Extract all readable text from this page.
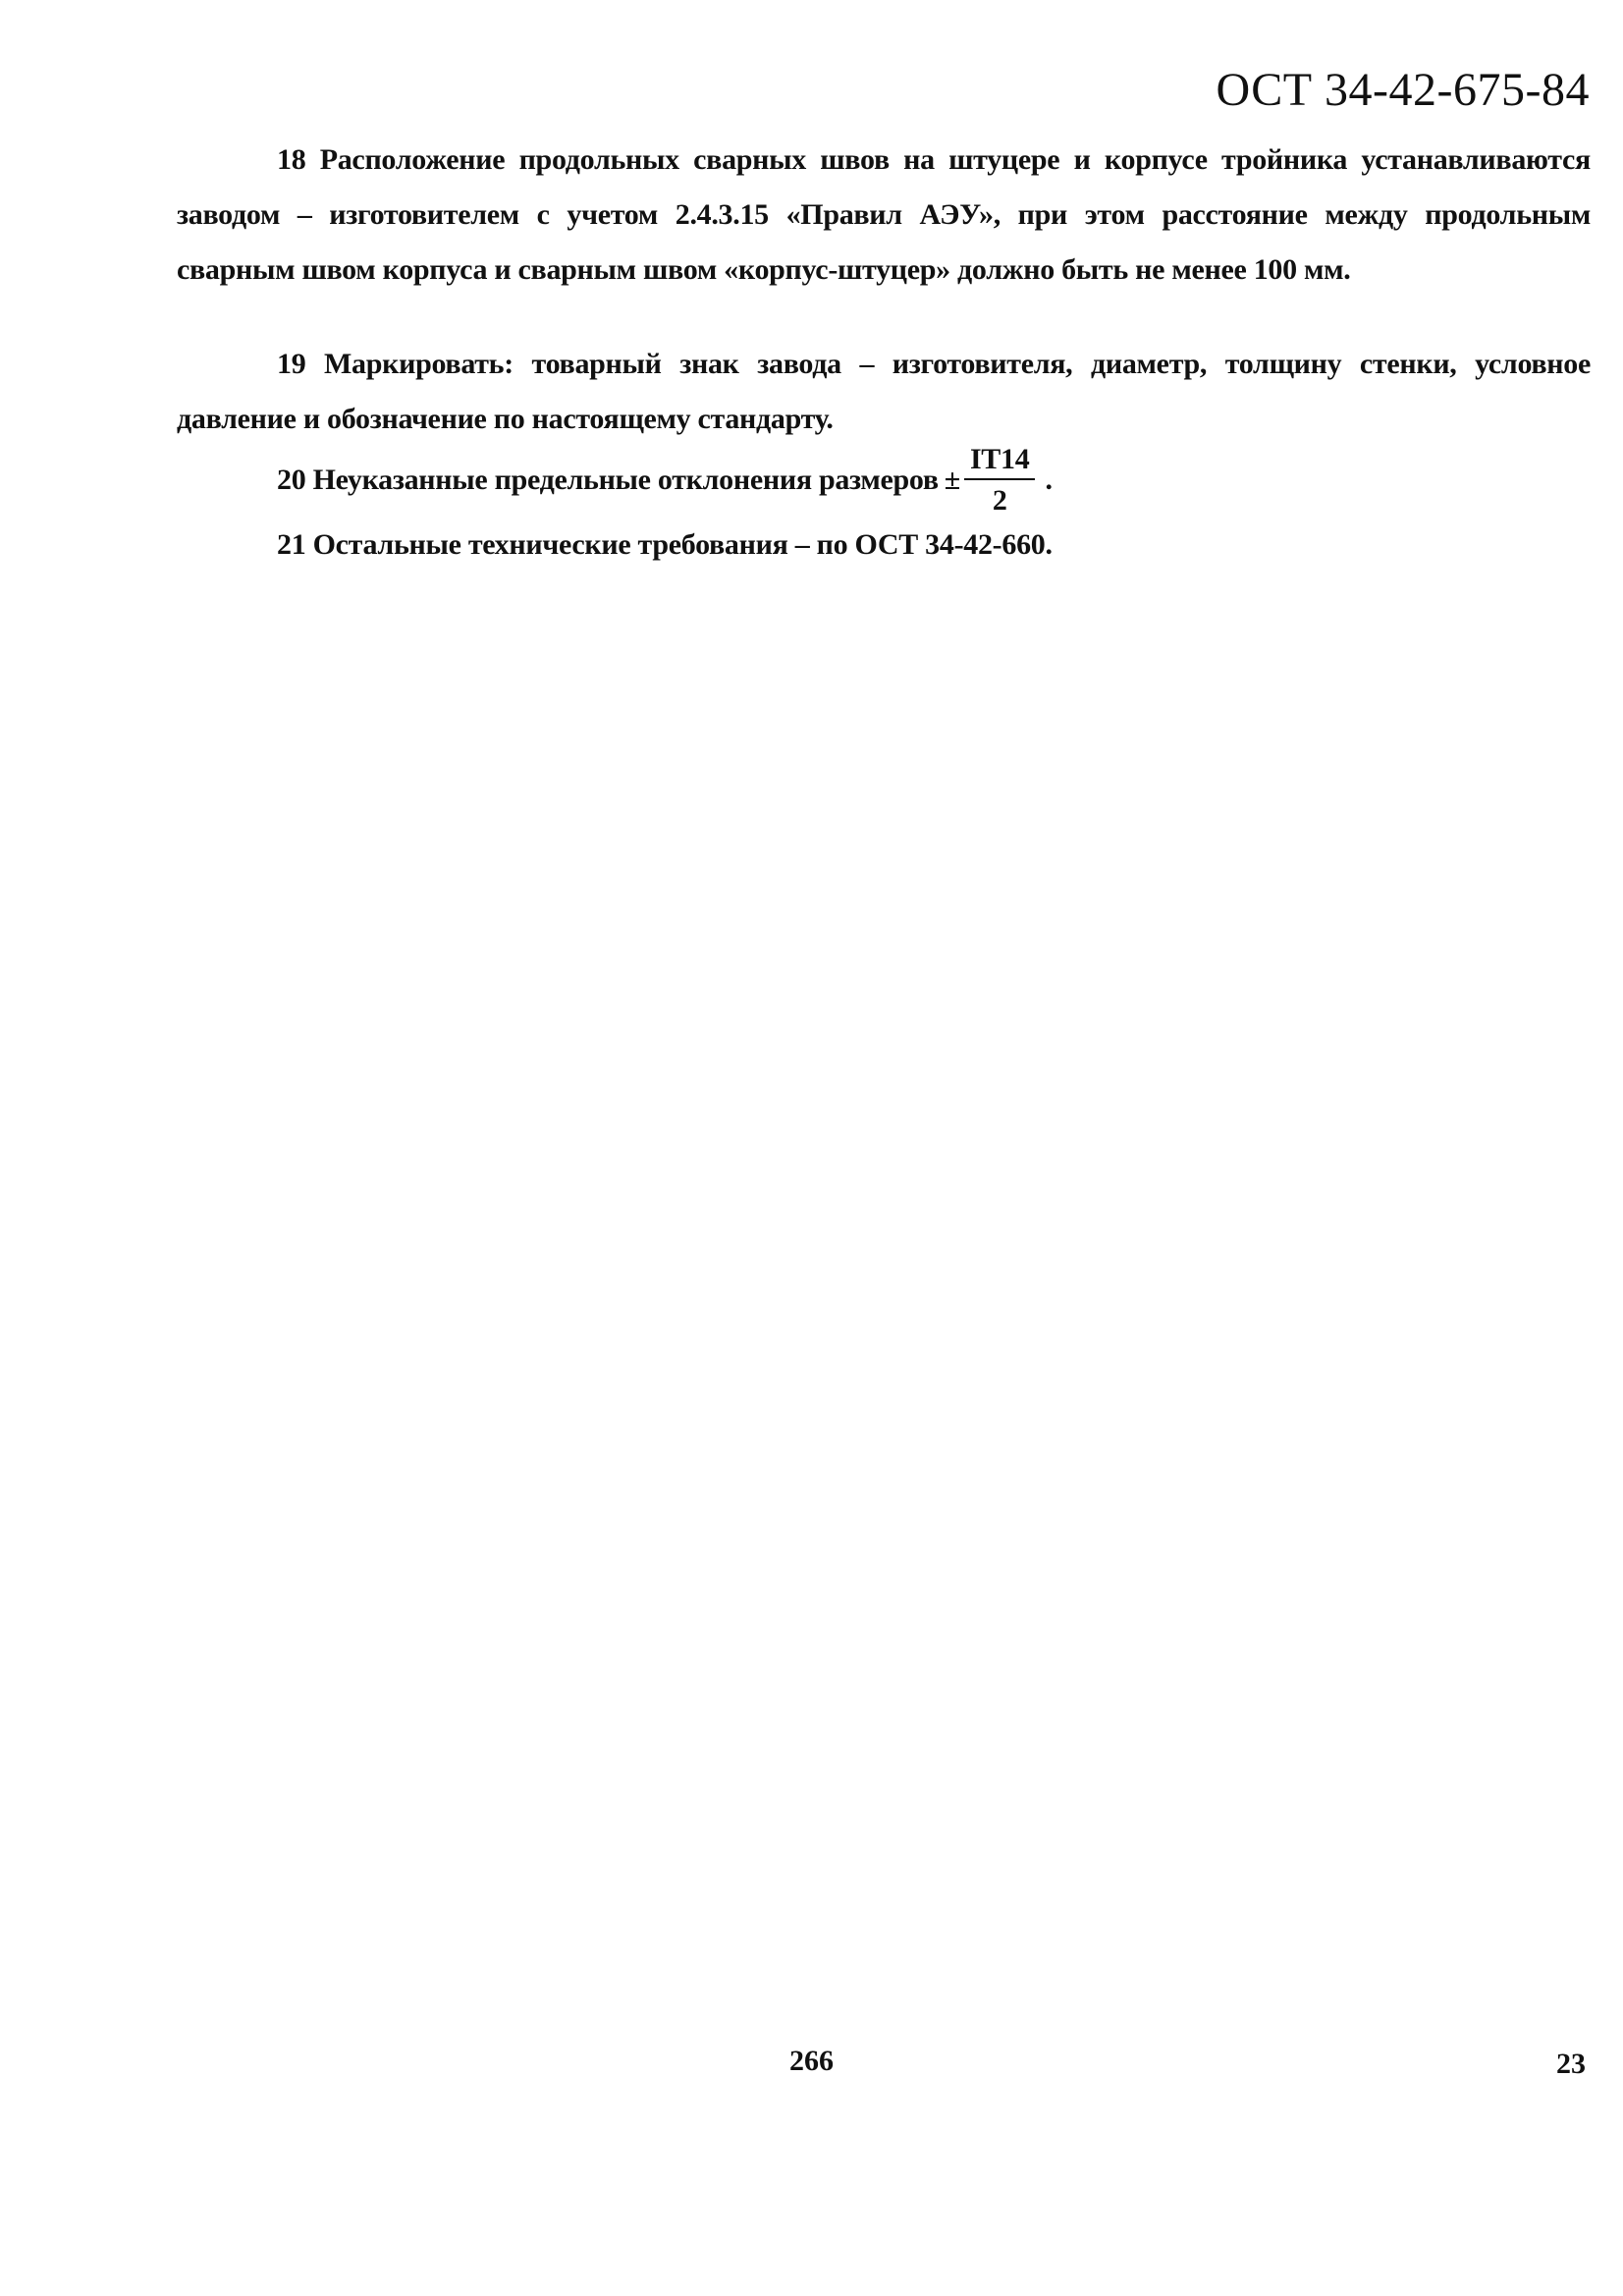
ОСТ 34-42-675-84

18 Расположение продольных сварных швов на штуцере и корпусе тройника устанавливаются заводом – изготовителем с учетом 2.4.3.15 «Правил АЭУ», при этом расстояние между продольным сварным швом корпуса и сварным швом «корпус-штуцер» должно быть не менее 100 мм.

19 Маркировать: товарный знак завода – изготовителя, диаметр, толщину стенки, условное давление и обозначение по настоящему стандарту.

20 Неуказанные предельные отклонения размеров ± $\frac{IT14}{2}$ .

21 Остальные технические требования – по ОСТ 34-42-660.

266	23
